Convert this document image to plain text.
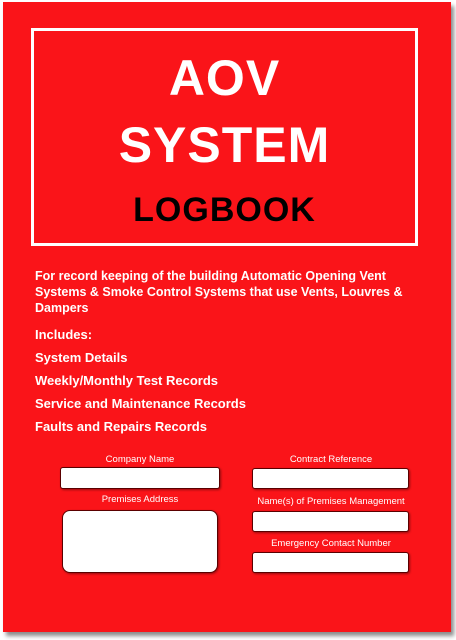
AOV
SYSTEM
LOGBOOK
For record keeping of the building Automatic Opening Vent Systems & Smoke Control Systems that use Vents, Louvres & Dampers
Includes:
System Details
Weekly/Monthly Test Records
Service and Maintenance Records
Faults and Repairs Records
Company Name
Premises Address
Contract Reference
Name(s) of Premises Management
Emergency Contact Number
